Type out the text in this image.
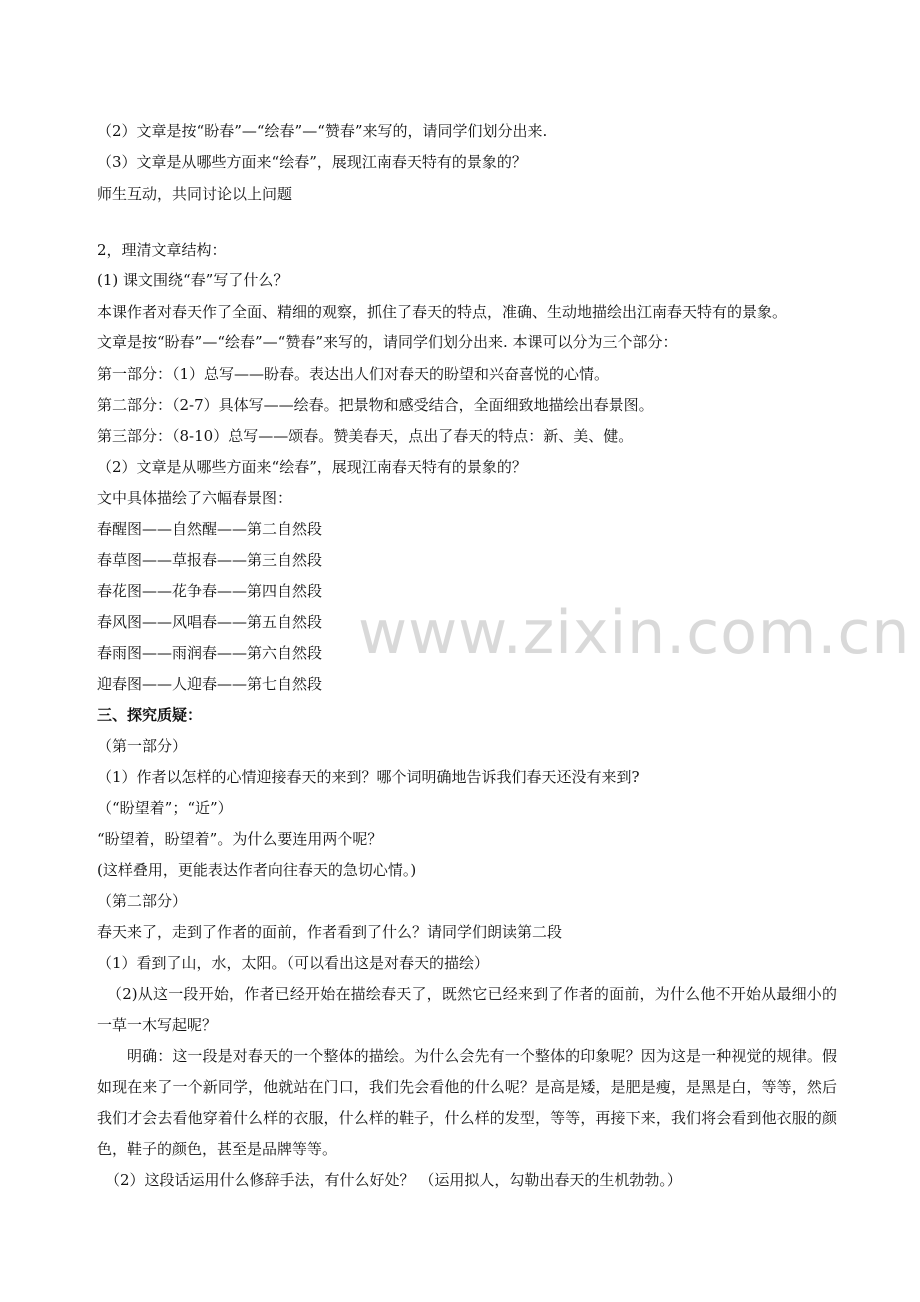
www.zixin.com.cn
（2）文章是按“盼春”—“绘春”—“赞春”来写的，请同学们划分出来.
（3）文章是从哪些方面来“绘春”，展现江南春天特有的景象的？
师生互动，共同讨论以上问题
2，理清文章结构：
(1) 课文围绕“春”写了什么？
本课作者对春天作了全面、精细的观察，抓住了春天的特点，准确、生动地描绘出江南春天特有的景象。
文章是按“盼春”—“绘春”—“赞春”来写的，请同学们划分出来. 本课可以分为三个部分：
第一部分：（1）总写——盼春。表达出人们对春天的盼望和兴奋喜悦的心情。
第二部分：（2-7）具体写——绘春。把景物和感受结合，全面细致地描绘出春景图。
第三部分：（8-10）总写——颂春。赞美春天，点出了春天的特点：新、美、健。
（2）文章是从哪些方面来“绘春”，展现江南春天特有的景象的？
文中具体描绘了六幅春景图：
春醒图——自然醒——第二自然段
春草图——草报春——第三自然段
春花图——花争春——第四自然段
春风图——风唱春——第五自然段
春雨图——雨润春——第六自然段
迎春图——人迎春——第七自然段
三、探究质疑：
（第一部分）
（1）作者以怎样的心情迎接春天的来到？哪个词明确地告诉我们春天还没有来到?
（“盼望着”；“近”）
“盼望着，盼望着”。为什么要连用两个呢？
(这样叠用，更能表达作者向往春天的急切心情。)
（第二部分）
春天来了，走到了作者的面前，作者看到了什么？请同学们朗读第二段
（1）看到了山，水，太阳。（可以看出这是对春天的描绘）
（2)从这一段开始，作者已经开始在描绘春天了，既然它已经来到了作者的面前，为什么他不开始从最细小的一草一木写起呢？
明确：这一段是对春天的一个整体的描绘。为什么会先有一个整体的印象呢？因为这是一种视觉的规律。假如现在来了一个新同学，他就站在门口，我们先会看他的什么呢？是高是矮，是肥是瘦，是黑是白，等等，然后我们才会去看他穿着什么样的衣服，什么样的鞋子，什么样的发型，等等，再接下来，我们将会看到他衣服的颜色，鞋子的颜色，甚至是品牌等等。
（2）这段话运用什么修辞手法，有什么好处？ （运用拟人，勾勒出春天的生机勃勃。）
